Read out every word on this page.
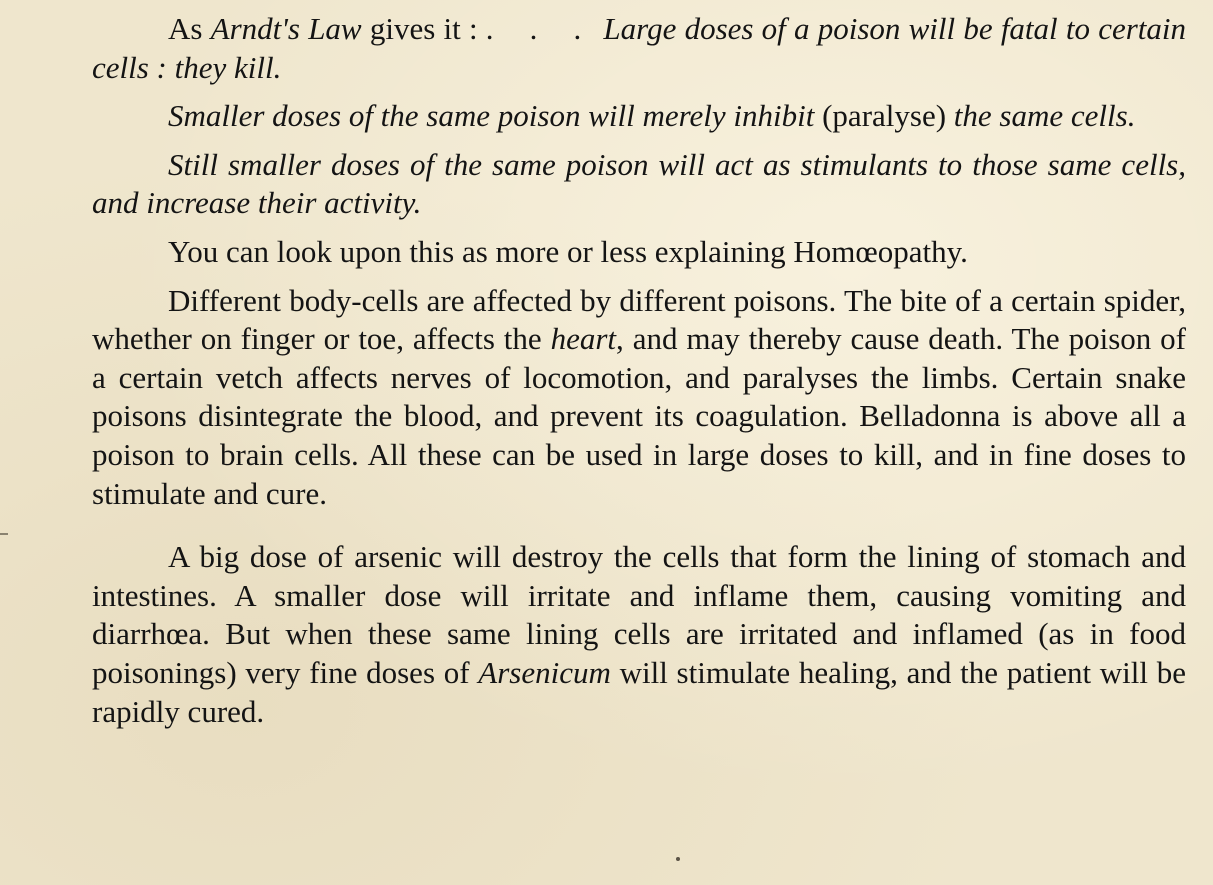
As Arndt's Law gives it : . . . Large doses of a poison will be fatal to certain cells : they kill.

Smaller doses of the same poison will merely inhibit (paralyse) the same cells.

Still smaller doses of the same poison will act as stimulants to those same cells, and increase their activity.

You can look upon this as more or less explaining Homœopathy.

Different body-cells are affected by different poisons. The bite of a certain spider, whether on finger or toe, affects the heart, and may thereby cause death. The poison of a certain vetch affects nerves of locomotion, and paralyses the limbs. Certain snake poisons disintegrate the blood, and prevent its coagulation. Belladonna is above all a poison to brain cells. All these can be used in large doses to kill, and in fine doses to stimulate and cure.

A big dose of arsenic will destroy the cells that form the lining of stomach and intestines. A smaller dose will irritate and inflame them, causing vomiting and diarrhœa. But when these same lining cells are irritated and inflamed (as in food poisonings) very fine doses of Arsenicum will stimulate healing, and the patient will be rapidly cured.
